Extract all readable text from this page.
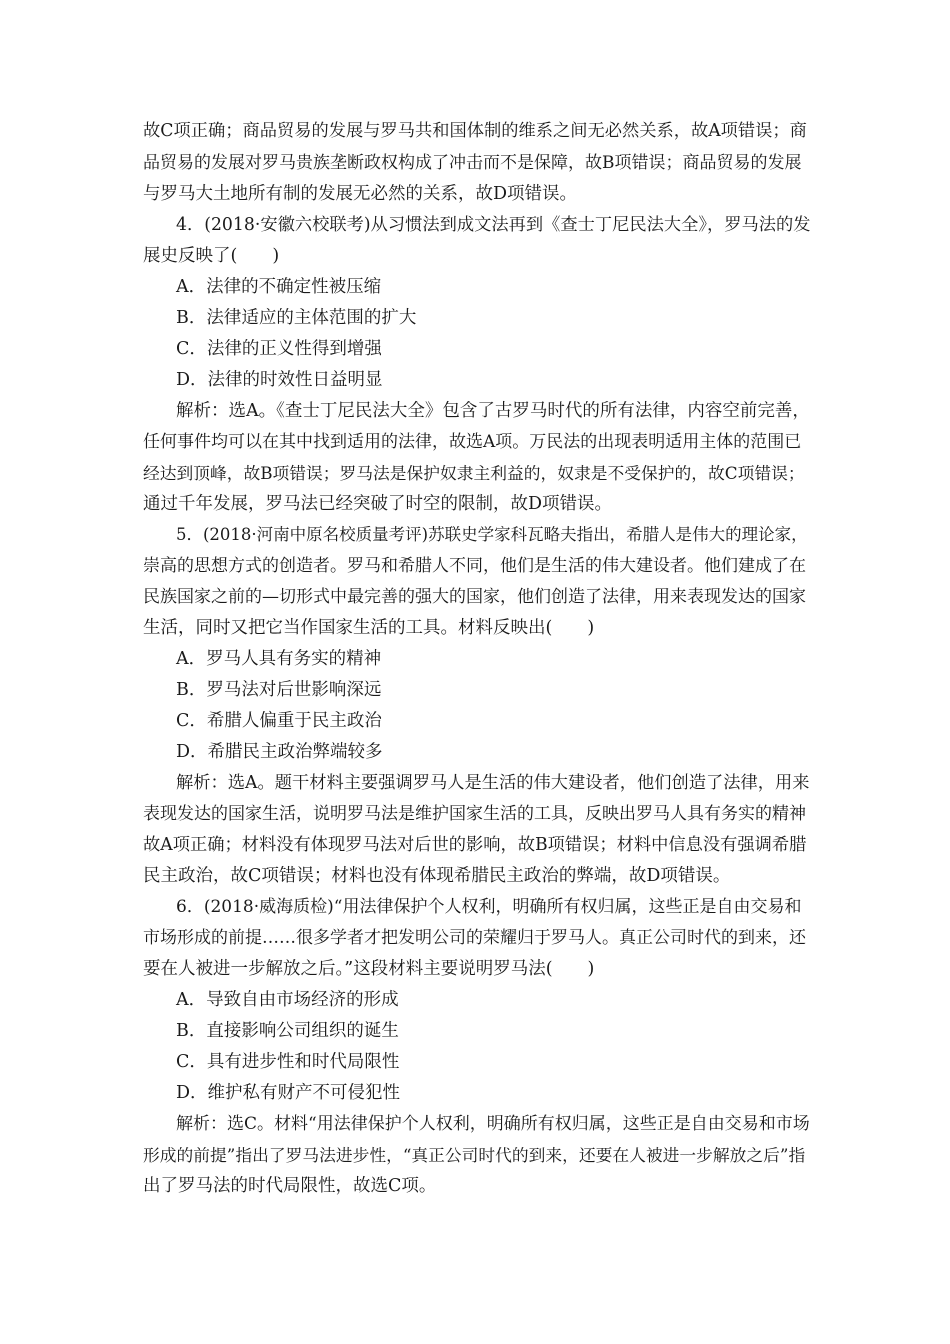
故C项正确；商品贸易的发展与罗马共和国体制的维系之间无必然关系，故A项错误；商
品贸易的发展对罗马贵族垄断政权构成了冲击而不是保障，故B项错误；商品贸易的发展
与罗马大土地所有制的发展无必然的关系，故D项错误。
4．(2018·安徽六校联考)从习惯法到成文法再到《查士丁尼民法大全》，罗马法的发
展史反映了(　　)
A．法律的不确定性被压缩
B．法律适应的主体范围的扩大
C．法律的正义性得到增强
D．法律的时效性日益明显
解析：选A。《查士丁尼民法大全》包含了古罗马时代的所有法律，内容空前完善，
任何事件均可以在其中找到适用的法律，故选A项。万民法的出现表明适用主体的范围已
经达到顶峰，故B项错误；罗马法是保护奴隶主利益的，奴隶是不受保护的，故C项错误；
通过千年发展，罗马法已经突破了时空的限制，故D项错误。
5．(2018·河南中原名校质量考评)苏联史学家科瓦略夫指出，希腊人是伟大的理论家，
崇高的思想方式的创造者。罗马和希腊人不同，他们是生活的伟大建设者。他们建成了在
民族国家之前的—切形式中最完善的强大的国家，他们创造了法律，用来表现发达的国家
生活，同时又把它当作国家生活的工具。材料反映出(　　)
A．罗马人具有务实的精神
B．罗马法对后世影响深远
C．希腊人偏重于民主政治
D．希腊民主政治弊端较多
解析：选A。题干材料主要强调罗马人是生活的伟大建设者，他们创造了法律，用来
表现发达的国家生活，说明罗马法是维护国家生活的工具，反映出罗马人具有务实的精神
故A项正确；材料没有体现罗马法对后世的影响，故B项错误；材料中信息没有强调希腊
民主政治，故C项错误；材料也没有体现希腊民主政治的弊端，故D项错误。
6．(2018·威海质检)“用法律保护个人权利，明确所有权归属，这些正是自由交易和
市场形成的前提……很多学者才把发明公司的荣耀归于罗马人。真正公司时代的到来，还
要在人被进一步解放之后。”这段材料主要说明罗马法(　　)
A．导致自由市场经济的形成
B．直接影响公司组织的诞生
C．具有进步性和时代局限性
D．维护私有财产不可侵犯性
解析：选C。材料“用法律保护个人权利，明确所有权归属，这些正是自由交易和市场
形成的前提”指出了罗马法进步性，“真正公司时代的到来，还要在人被进一步解放之后”指
出了罗马法的时代局限性，故选C项。
